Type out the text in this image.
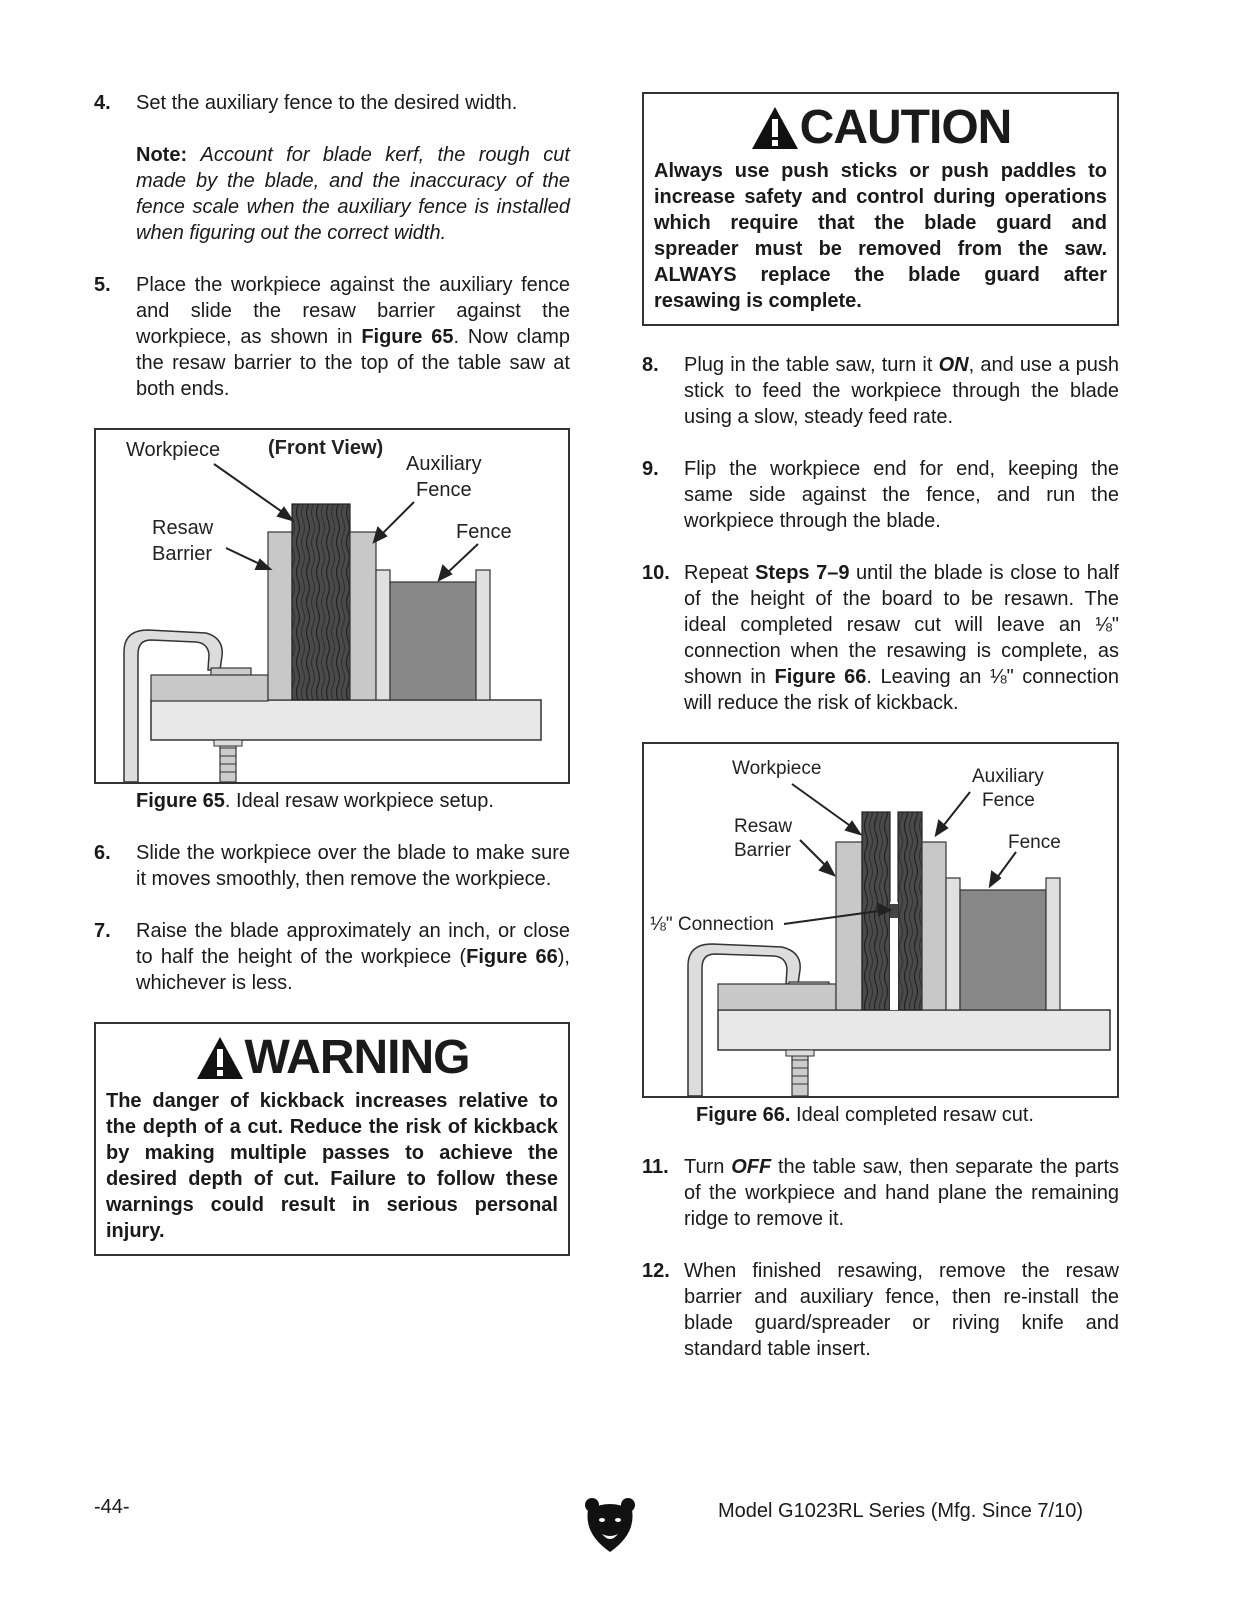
4.	Set the auxiliary fence to the desired width.

Note: Account for blade kerf, the rough cut made by the blade, and the inaccuracy of the fence scale when the auxiliary fence is installed when figuring out the correct width.

5.	Place the workpiece against the auxiliary fence and slide the resaw barrier against the workpiece, as shown in Figure 65. Now clamp the resaw barrier to the top of the table saw at both ends.
Workpiece (Front View)
Auxiliary
Fence
Resaw
Barrier
Fence
Figure 65. Ideal resaw workpiece setup.
6.	Slide the workpiece over the blade to make sure it moves smoothly, then remove the workpiece.
7.	Raise the blade approximately an inch, or close to half the height of the workpiece (Figure 66), whichever is less.
WARNING
The danger of kickback increases relative to the depth of a cut. Reduce the risk of kickback by making multiple passes to achieve the desired depth of cut. Failure to follow these warnings could result in serious personal injury.
CAUTION
Always use push sticks or push paddles to increase safety and control during operations which require that the blade guard and spreader must be removed from the saw. ALWAYS replace the blade guard after resawing is complete.
8.	Plug in the table saw, turn it ON, and use a push stick to feed the workpiece through the blade using a slow, steady feed rate.
9.	Flip the workpiece end for end, keeping the same side against the fence, and run the workpiece through the blade.
10. Repeat Steps 7–9 until the blade is close to half of the height of the board to be resawn. The ideal completed resaw cut will leave an ⅛" connection when the resawing is complete, as shown in Figure 66. Leaving an ⅛" connection will reduce the risk of kickback.
Workpiece	Auxiliary
Fence
Resaw
Barrier	Fence
⅛" Connection
Figure 66. Ideal completed resaw cut.
11. Turn OFF the table saw, then separate the parts of the workpiece and hand plane the remaining ridge to remove it.
12. When finished resawing, remove the resaw barrier and auxiliary fence, then re-install the blade guard/spreader or riving knife and standard table insert.
-44-	Model G1023RL Series (Mfg. Since 7/10)
